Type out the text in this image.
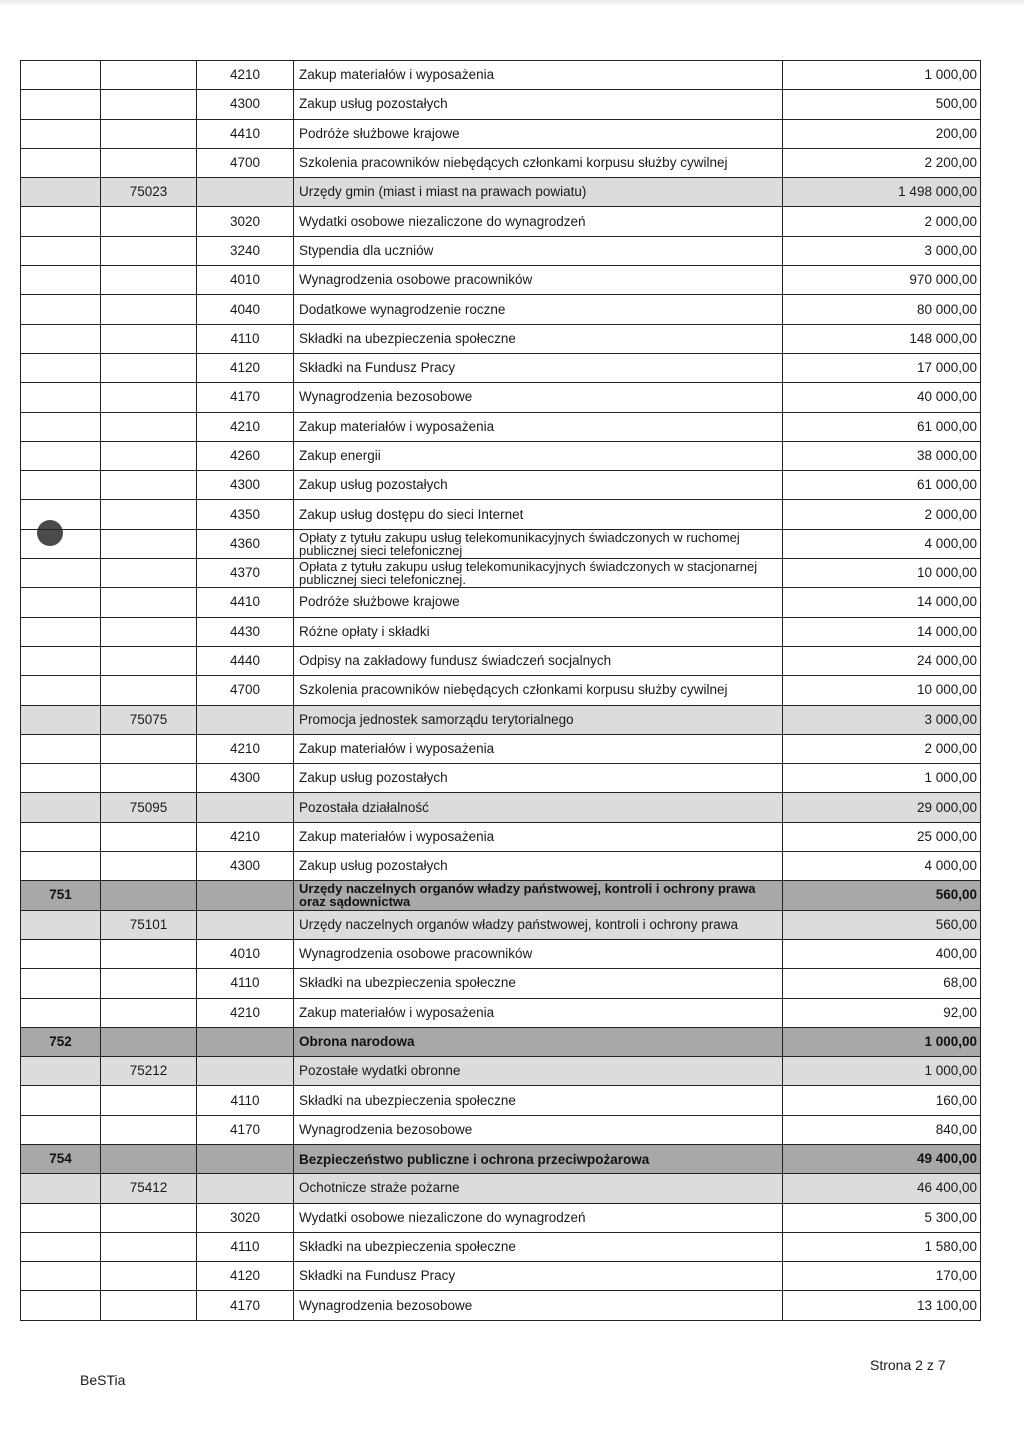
		4210	Zakup materiałów i wyposażenia	1 000,00
		4300	Zakup usług pozostałych	500,00
		4410	Podróże służbowe krajowe	200,00
		4700	Szkolenia pracowników niebędących członkami korpusu służby cywilnej	2 200,00
	75023		Urzędy gmin (miast i miast na prawach powiatu)	1 498 000,00
		3020	Wydatki osobowe niezaliczone do wynagrodzeń	2 000,00
		3240	Stypendia dla uczniów	3 000,00
		4010	Wynagrodzenia osobowe pracowników	970 000,00
		4040	Dodatkowe wynagrodzenie roczne	80 000,00
		4110	Składki na ubezpieczenia społeczne	148 000,00
		4120	Składki na Fundusz Pracy	17 000,00
		4170	Wynagrodzenia bezosobowe	40 000,00
		4210	Zakup materiałów i wyposażenia	61 000,00
		4260	Zakup energii	38 000,00
		4300	Zakup usług pozostałych	61 000,00
		4350	Zakup usług dostępu do sieci Internet	2 000,00
		4360	Opłaty z tytułu zakupu usług telekomunikacyjnych świadczonych w ruchomej publicznej sieci telefonicznej	4 000,00
		4370	Opłata z tytułu zakupu usług telekomunikacyjnych świadczonych w stacjonarnej publicznej sieci telefonicznej.	10 000,00
		4410	Podróże służbowe krajowe	14 000,00
		4430	Różne opłaty i składki	14 000,00
		4440	Odpisy na zakładowy fundusz świadczeń socjalnych	24 000,00
		4700	Szkolenia pracowników niebędących członkami korpusu służby cywilnej	10 000,00
	75075		Promocja jednostek samorządu terytorialnego	3 000,00
		4210	Zakup materiałów i wyposażenia	2 000,00
		4300	Zakup usług pozostałych	1 000,00
	75095		Pozostała działalność	29 000,00
		4210	Zakup materiałów i wyposażenia	25 000,00
		4300	Zakup usług pozostałych	4 000,00
751			Urzędy naczelnych organów władzy państwowej, kontroli i ochrony prawa oraz sądownictwa	560,00
	75101		Urzędy naczelnych organów władzy państwowej, kontroli i ochrony prawa	560,00
		4010	Wynagrodzenia osobowe pracowników	400,00
		4110	Składki na ubezpieczenia społeczne	68,00
		4210	Zakup materiałów i wyposażenia	92,00
752			Obrona narodowa	1 000,00
	75212		Pozostałe wydatki obronne	1 000,00
		4110	Składki na ubezpieczenia społeczne	160,00
		4170	Wynagrodzenia bezosobowe	840,00
754			Bezpieczeństwo publiczne i ochrona przeciwpożarowa	49 400,00
	75412		Ochotnicze straże pożarne	46 400,00
		3020	Wydatki osobowe niezaliczone do wynagrodzeń	5 300,00
		4110	Składki na ubezpieczenia społeczne	1 580,00
		4120	Składki na Fundusz Pracy	170,00
		4170	Wynagrodzenia bezosobowe	13 100,00
BeSTia
Strona 2 z 7
